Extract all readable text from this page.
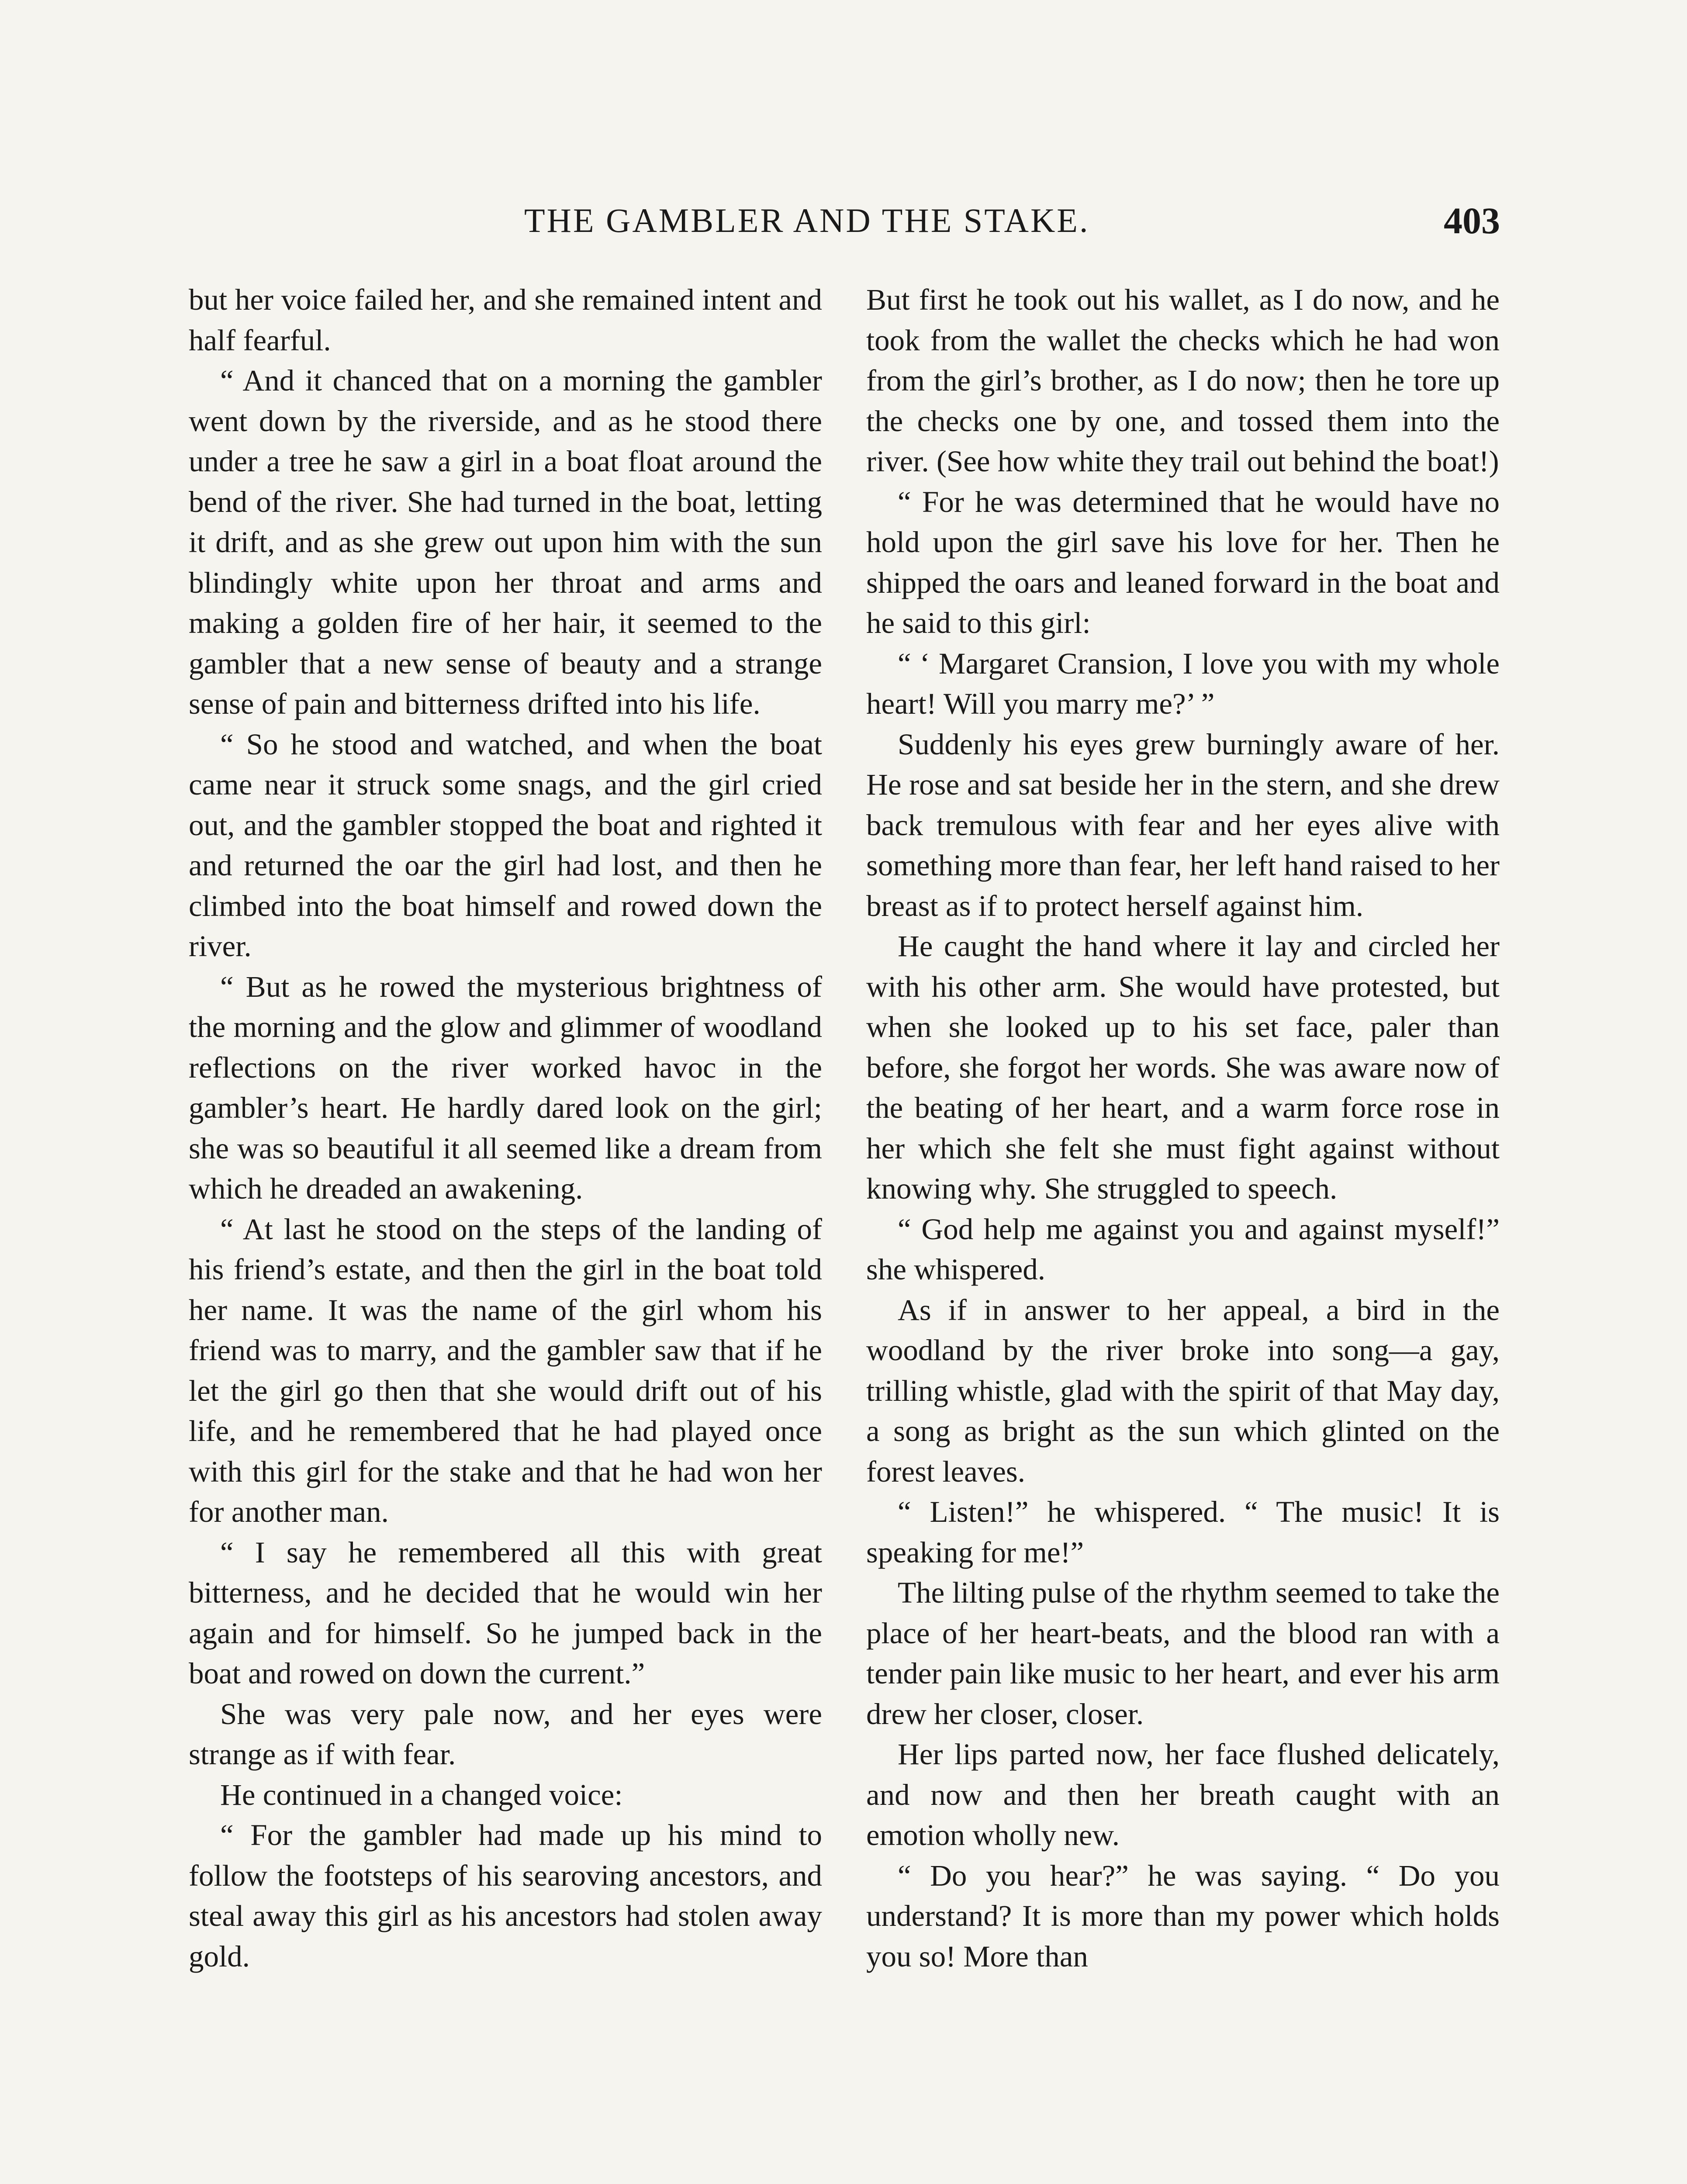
THE GAMBLER AND THE STAKE.	403

but her voice failed her, and she remained intent and half fearful.

“ And it chanced that on a morning the gambler went down by the riverside, and as he stood there under a tree he saw a girl in a boat float around the bend of the river. She had turned in the boat, letting it drift, and as she grew out upon him with the sun blindingly white upon her throat and arms and making a golden fire of her hair, it seemed to the gambler that a new sense of beauty and a strange sense of pain and bitterness drifted into his life.

“ So he stood and watched, and when the boat came near it struck some snags, and the girl cried out, and the gambler stopped the boat and righted it and returned the oar the girl had lost, and then he climbed into the boat himself and rowed down the river.

“ But as he rowed the mysterious brightness of the morning and the glow and glimmer of woodland reflections on the river worked havoc in the gambler’s heart. He hardly dared look on the girl; she was so beautiful it all seemed like a dream from which he dreaded an awakening.

“ At last he stood on the steps of the landing of his friend’s estate, and then the girl in the boat told her name. It was the name of the girl whom his friend was to marry, and the gambler saw that if he let the girl go then that she would drift out of his life, and he remembered that he had played once with this girl for the stake and that he had won her for another man.

“ I say he remembered all this with great bitterness, and he decided that he would win her again and for himself. So he jumped back in the boat and rowed on down the current.”

She was very pale now, and her eyes were strange as if with fear.

He continued in a changed voice:

“ For the gambler had made up his mind to follow the footsteps of his searoving ancestors, and steal away this girl as his ancestors had stolen away gold.

But first he took out his wallet, as I do now, and he took from the wallet the checks which he had won from the girl’s brother, as I do now; then he tore up the checks one by one, and tossed them into the river. (See how white they trail out behind the boat!)

“ For he was determined that he would have no hold upon the girl save his love for her. Then he shipped the oars and leaned forward in the boat and he said to this girl:

“ ‘ Margaret Cransion, I love you with my whole heart! Will you marry me?’ ”

Suddenly his eyes grew burningly aware of her. He rose and sat beside her in the stern, and she drew back tremulous with fear and her eyes alive with something more than fear, her left hand raised to her breast as if to protect herself against him.

He caught the hand where it lay and circled her with his other arm. She would have protested, but when she looked up to his set face, paler than before, she forgot her words. She was aware now of the beating of her heart, and a warm force rose in her which she felt she must fight against without knowing why. She struggled to speech.

“ God help me against you and against myself!” she whispered.

As if in answer to her appeal, a bird in the woodland by the river broke into song—a gay, trilling whistle, glad with the spirit of that May day, a song as bright as the sun which glinted on the forest leaves.

“ Listen!” he whispered. “ The music! It is speaking for me!”

The lilting pulse of the rhythm seemed to take the place of her heart-beats, and the blood ran with a tender pain like music to her heart, and ever his arm drew her closer, closer.

Her lips parted now, her face flushed delicately, and now and then her breath caught with an emotion wholly new.

“ Do you hear?” he was saying. “ Do you understand? It is more than my power which holds you so! More than
